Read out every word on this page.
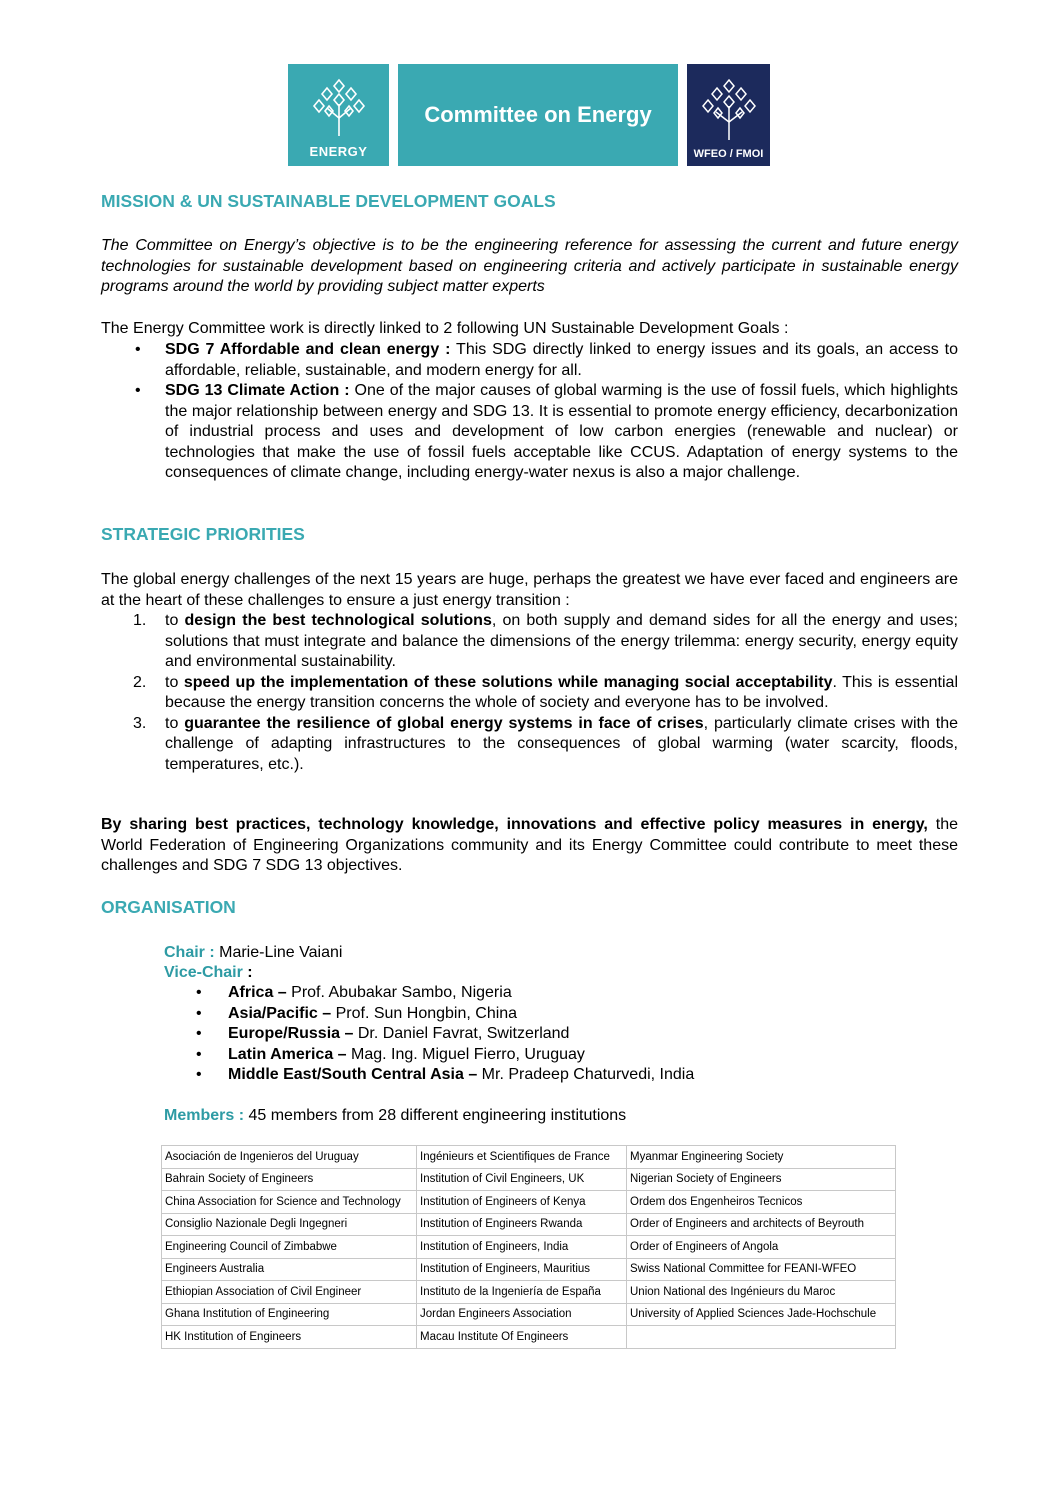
ENERGY
Committee on Energy
WFEO / FMOI
MISSION & UN SUSTAINABLE DEVELOPMENT GOALS
The Committee on Energy’s objective is to be the engineering reference for assessing the current and future energy technologies for sustainable development based on engineering criteria and actively participate in sustainable energy programs around the world by providing subject matter experts
The Energy Committee work is directly linked to 2 following UN Sustainable Development Goals :
• SDG 7 Affordable and clean energy : This SDG directly linked to energy issues and its goals, an access to affordable, reliable, sustainable, and modern energy for all.
• SDG 13 Climate Action : One of the major causes of global warming is the use of fossil fuels, which highlights the major relationship between energy and SDG 13. It is essential to promote energy efficiency, decarbonization of industrial process and uses and development of low carbon energies (renewable and nuclear) or technologies that make the use of fossil fuels acceptable like CCUS. Adaptation of energy systems to the consequences of climate change, including energy-water nexus is also a major challenge.
STRATEGIC PRIORITIES
The global energy challenges of the next 15 years are huge, perhaps the greatest we have ever faced and engineers are at the heart of these challenges to ensure a just energy transition :
1. to design the best technological solutions, on both supply and demand sides for all the energy and uses; solutions that must integrate and balance the dimensions of the energy trilemma: energy security, energy equity and environmental sustainability.
2. to speed up the implementation of these solutions while managing social acceptability. This is essential because the energy transition concerns the whole of society and everyone has to be involved.
3. to guarantee the resilience of global energy systems in face of crises, particularly climate crises with the challenge of adapting infrastructures to the consequences of global warming (water scarcity, floods, temperatures, etc.).
By sharing best practices, technology knowledge, innovations and effective policy measures in energy, the World Federation of Engineering Organizations community and its Energy Committee could contribute to meet these challenges and SDG 7 SDG 13 objectives.
ORGANISATION
Chair : Marie-Line Vaiani
Vice-Chair :
• Africa – Prof. Abubakar Sambo, Nigeria
• Asia/Pacific – Prof. Sun Hongbin, China
• Europe/Russia – Dr. Daniel Favrat, Switzerland
• Latin America – Mag. Ing. Miguel Fierro, Uruguay
• Middle East/South Central Asia – Mr. Pradeep Chaturvedi, India
Members : 45 members from 28 different engineering institutions
Asociación de Ingenieros del Uruguay	Ingénieurs et Scientifiques de France	Myanmar Engineering Society
Bahrain Society of Engineers	Institution of Civil Engineers, UK	Nigerian Society of Engineers
China Association for Science and Technology	Institution of Engineers of Kenya	Ordem dos Engenheiros Tecnicos
Consiglio Nazionale Degli Ingegneri	Institution of Engineers Rwanda	Order of Engineers and architects of Beyrouth
Engineering Council of Zimbabwe	Institution of Engineers, India	Order of Engineers of Angola
Engineers Australia	Institution of Engineers, Mauritius	Swiss National Committee for FEANI-WFEO
Ethiopian Association of Civil Engineer	Instituto de la Ingeniería de España	Union National des Ingénieurs du Maroc
Ghana Institution of Engineering	Jordan Engineers Association	University of Applied Sciences Jade-Hochschule
HK Institution of Engineers	Macau Institute Of Engineers	
